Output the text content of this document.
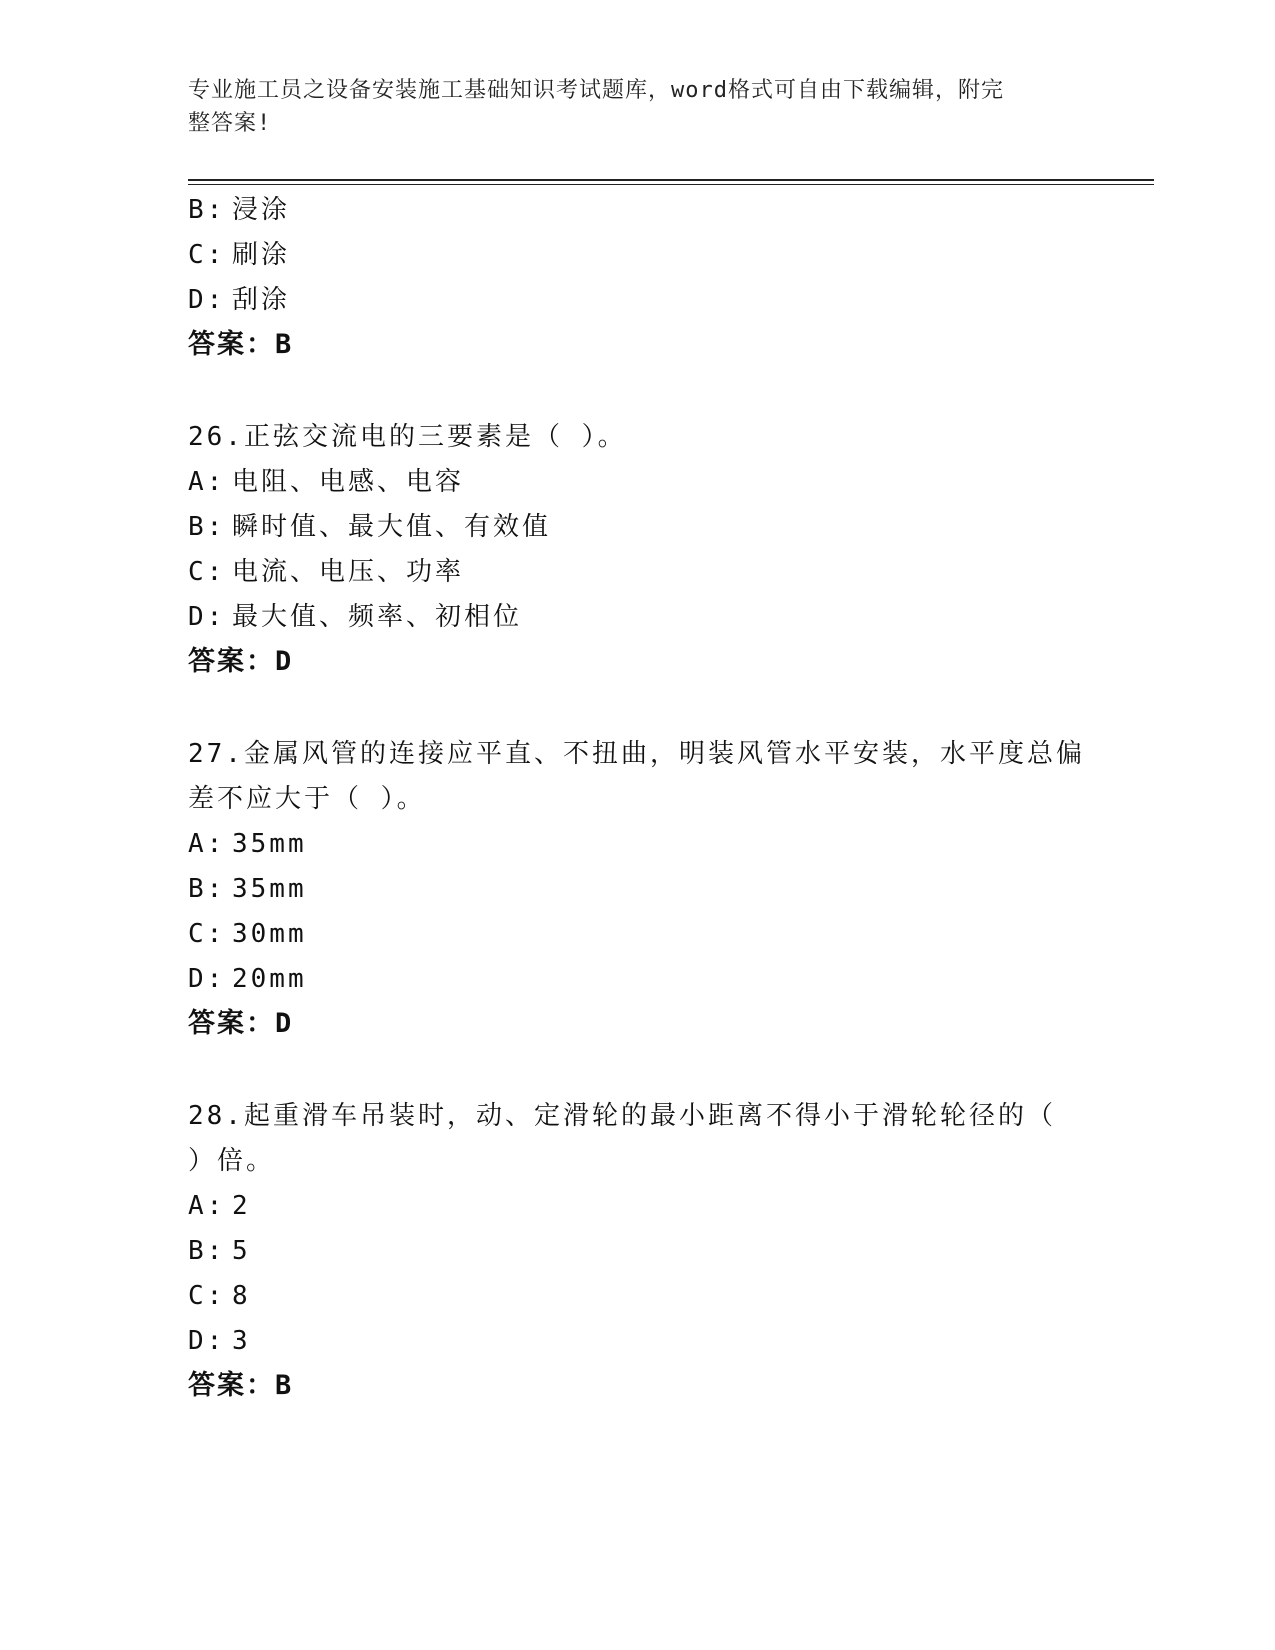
专业施工员之设备安装施工基础知识考试题库，word格式可自由下载编辑，附完
整答案!
B: 浸涂
C: 刷涂
D: 刮涂
答案：B
26.正弦交流电的三要素是（ ）。
A: 电阻、电感、电容
B: 瞬时值、最大值、有效值
C: 电流、电压、功率
D: 最大值、频率、初相位
答案：D
27.金属风管的连接应平直、不扭曲，明装风管水平安装，水平度总偏
差不应大于（ ）。
A: 35mm
B: 35mm
C: 30mm
D: 20mm
答案：D
28.起重滑车吊装时，动、定滑轮的最小距离不得小于滑轮轮径的（
）倍。
A: 2
B: 5
C: 8
D: 3
答案：B
